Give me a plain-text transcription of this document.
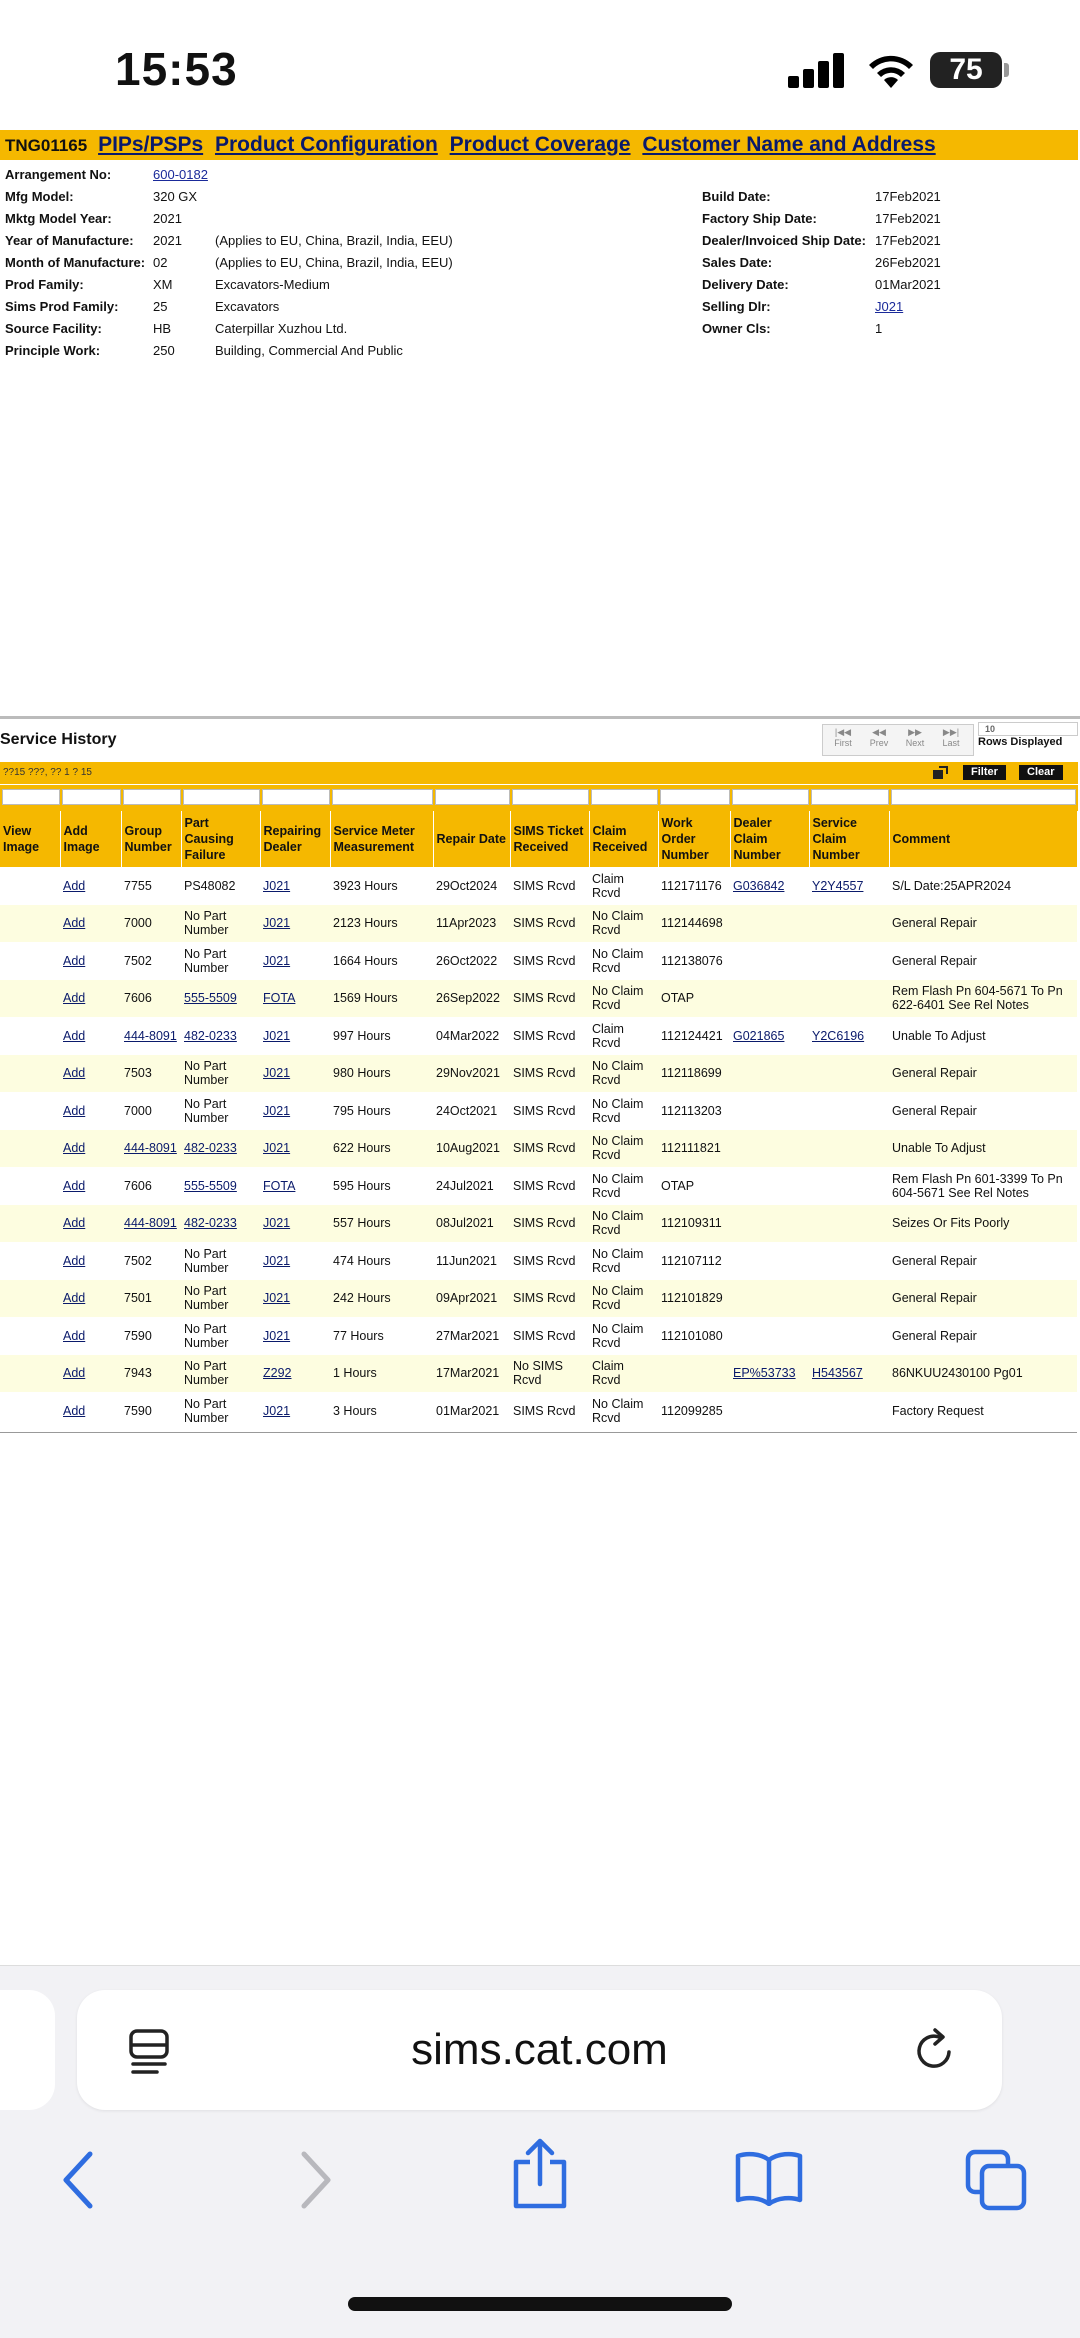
15:53	75
TNG01165 PIPs/PSPs Product Configuration Product Coverage Customer Name and Address
Arrangement No:	600-0182
Mfg Model:	320 GX
Mktg Model Year:	2021
Year of Manufacture: 2021	(Applies to EU, China, Brazil, India, EEU)
Month of Manufacture: 02	(Applies to EU, China, Brazil, India, EEU)
Prod Family:	XM	Excavators-Medium
Sims Prod Family:	25	Excavators
Source Facility:	HB	Caterpillar Xuzhou Ltd.
Principle Work:	250	Building, Commercial And Public
Build Date:	17Feb2021
Factory Ship Date:	17Feb2021
Dealer/Invoiced Ship Date: 17Feb2021
Sales Date:	26Feb2021
Delivery Date:	01Mar2021
Selling Dlr:	J021
Owner Cls:	1
Service History	|◀◀
First
◀◀
Prev
▶▶
Next
▶▶|
Last
10
Rows Displayed
??15 ???, ?? 1 ? 15	Filter	Clear
View Image	Add Image	Group Number	Part Causing Failure	Repairing Dealer	Service Meter Measurement	Repair Date	SIMS Ticket Received	Claim Received	Work Order Number	Dealer Claim Number	Service Claim Number	Comment
	Add	7755	PS48082	J021	3923 Hours	29Oct2024	SIMS Rcvd	Claim Rcvd	112171176	G036842	Y2Y4557	S/L Date:25APR2024
	Add	7000	No Part Number	J021	2123 Hours	11Apr2023	SIMS Rcvd	No Claim Rcvd	112144698			General Repair
	Add	7502	No Part Number	J021	1664 Hours	26Oct2022	SIMS Rcvd	No Claim Rcvd	112138076			General Repair
	Add	7606	555-5509	FOTA	1569 Hours	26Sep2022	SIMS Rcvd	No Claim Rcvd	OTAP			Rem Flash Pn 604-5671 To Pn 622-6401 See Rel Notes
	Add	444-8091	482-0233	J021	997 Hours	04Mar2022	SIMS Rcvd	Claim Rcvd	112124421	G021865	Y2C6196	Unable To Adjust
	Add	7503	No Part Number	J021	980 Hours	29Nov2021	SIMS Rcvd	No Claim Rcvd	112118699			General Repair
	Add	7000	No Part Number	J021	795 Hours	24Oct2021	SIMS Rcvd	No Claim Rcvd	112113203			General Repair
	Add	444-8091	482-0233	J021	622 Hours	10Aug2021	SIMS Rcvd	No Claim Rcvd	112111821			Unable To Adjust
	Add	7606	555-5509	FOTA	595 Hours	24Jul2021	SIMS Rcvd	No Claim Rcvd	OTAP			Rem Flash Pn 601-3399 To Pn 604-5671 See Rel Notes
	Add	444-8091	482-0233	J021	557 Hours	08Jul2021	SIMS Rcvd	No Claim Rcvd	112109311			Seizes Or Fits Poorly
	Add	7502	No Part Number	J021	474 Hours	11Jun2021	SIMS Rcvd	No Claim Rcvd	112107112			General Repair
	Add	7501	No Part Number	J021	242 Hours	09Apr2021	SIMS Rcvd	No Claim Rcvd	112101829			General Repair
	Add	7590	No Part Number	J021	77 Hours	27Mar2021	SIMS Rcvd	No Claim Rcvd	112101080			General Repair
	Add	7943	No Part Number	Z292	1 Hours	17Mar2021	No SIMS Rcvd	Claim Rcvd		EP%53733	H543567	86NKUU2430100 Pg01
	Add	7590	No Part Number	J021	3 Hours	01Mar2021	SIMS Rcvd	No Claim Rcvd	112099285			Factory Request
sims.cat.com
